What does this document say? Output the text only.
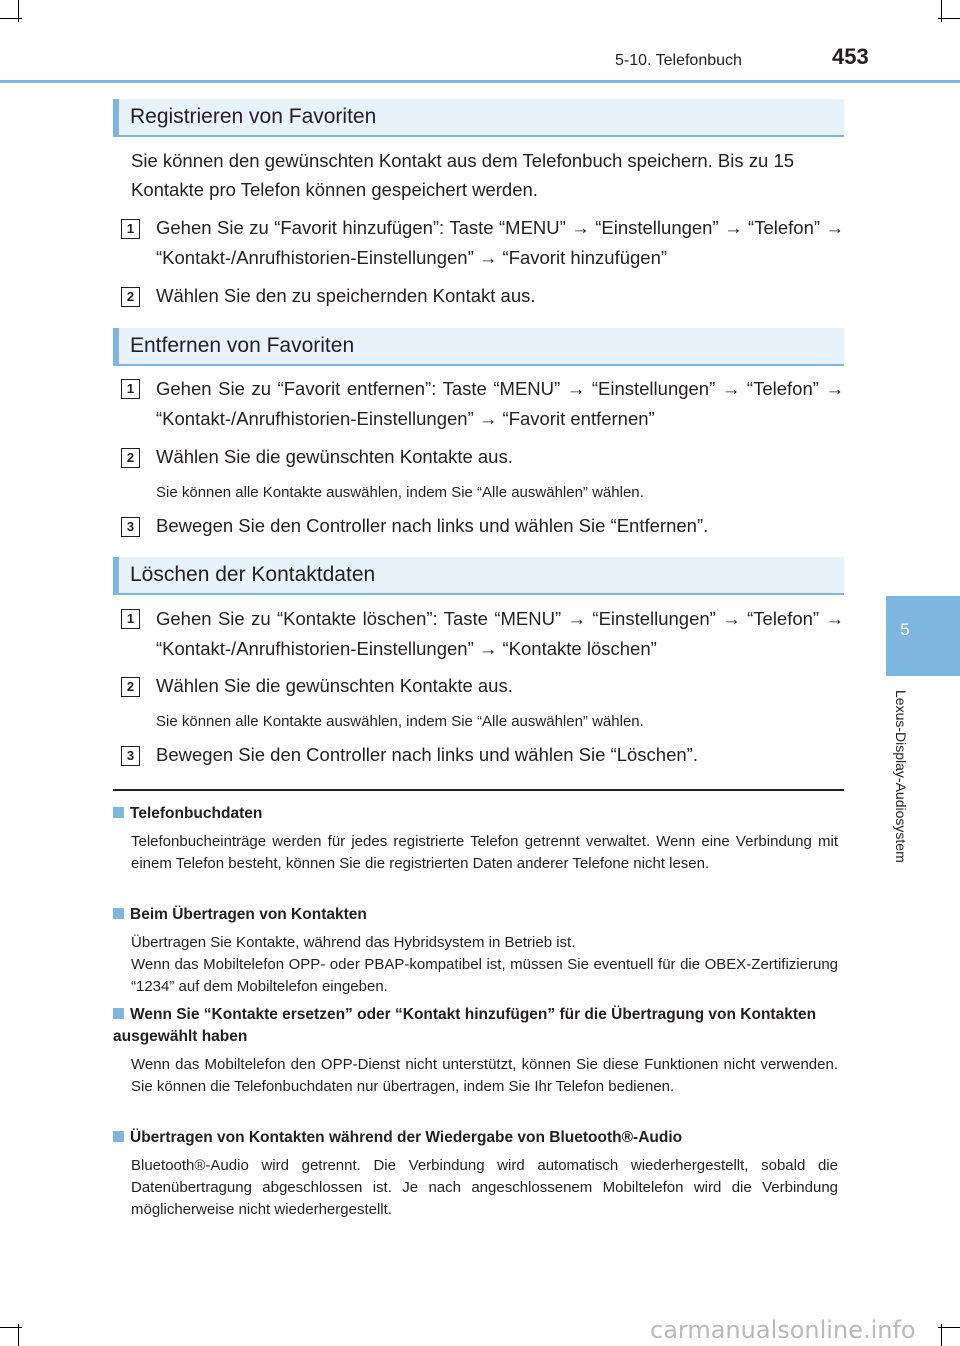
5-10. Telefonbuch	453
5
Lexus-Display-Audiosystem
Registrieren von Favoriten
Sie können den gewünschten Kontakt aus dem Telefonbuch speichern. Bis zu 15 Kontakte pro Telefon können gespeichert werden.
1	Gehen Sie zu “Favorit hinzufügen”: Taste “MENU” → “Einstellungen” → “Telefon” → “Kontakt-/Anrufhistorien-Einstellungen” → “Favorit hinzufügen”
2	Wählen Sie den zu speichernden Kontakt aus.
Entfernen von Favoriten
1	Gehen Sie zu “Favorit entfernen”: Taste “MENU” → “Einstellungen” → “Telefon” → “Kontakt-/Anrufhistorien-Einstellungen” → “Favorit entfernen”
2	Wählen Sie die gewünschten Kontakte aus.
Sie können alle Kontakte auswählen, indem Sie “Alle auswählen” wählen.
3	Bewegen Sie den Controller nach links und wählen Sie “Entfernen”.
Löschen der Kontaktdaten
1	Gehen Sie zu “Kontakte löschen”: Taste “MENU” → “Einstellungen” → “Telefon” → “Kontakt-/Anrufhistorien-Einstellungen” → “Kontakte löschen”
2	Wählen Sie die gewünschten Kontakte aus.
Sie können alle Kontakte auswählen, indem Sie “Alle auswählen” wählen.
3	Bewegen Sie den Controller nach links und wählen Sie “Löschen”.
Telefonbuchdaten

Telefonbucheinträge werden für jedes registrierte Telefon getrennt verwaltet. Wenn eine Verbindung mit einem Telefon besteht, können Sie die registrierten Daten anderer Telefone nicht lesen.

Beim Übertragen von Kontakten

Übertragen Sie Kontakte, während das Hybridsystem in Betrieb ist.

Wenn das Mobiltelefon OPP- oder PBAP-kompatibel ist, müssen Sie eventuell für die OBEX-Zertifizierung “1234” auf dem Mobiltelefon eingeben.

Wenn Sie “Kontakte ersetzen” oder “Kontakt hinzufügen” für die Übertragung von Kontakten ausgewählt haben

Wenn das Mobiltelefon den OPP-Dienst nicht unterstützt, können Sie diese Funktionen nicht verwenden. Sie können die Telefonbuchdaten nur übertragen, indem Sie Ihr Telefon bedienen.

Übertragen von Kontakten während der Wiedergabe von Bluetooth®-Audio

Bluetooth®-Audio wird getrennt. Die Verbindung wird automatisch wiederhergestellt, sobald die Datenübertragung abgeschlossen ist. Je nach angeschlossenem Mobiltelefon wird die Verbindung möglicherweise nicht wiederhergestellt.

carmanualsonline.info
